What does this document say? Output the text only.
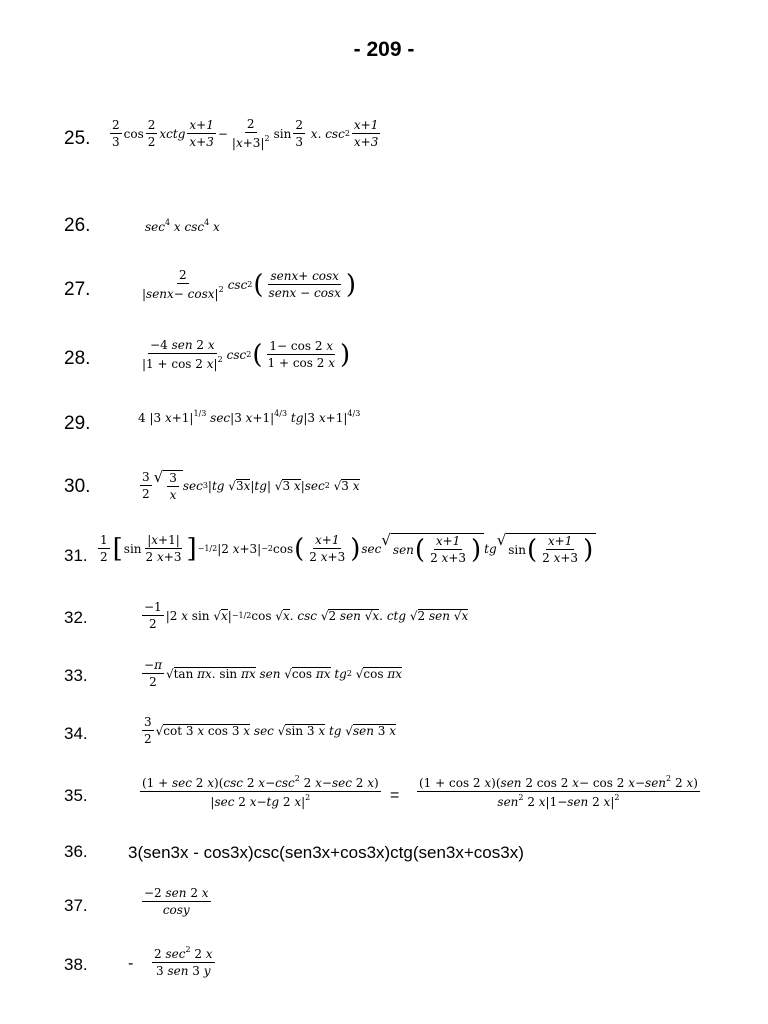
- 209 -
25.
26.
27.
28.
29.
30.
31.
32.
33.
34.
35.
36.
37.
38.
$\frac{2}{3}$ $\cos \frac{2}{2}$ xctg $\frac{x+1}{x+3} - \frac{2}{|x+3|^2}$ $\sin \frac{2}{3}$
x . $\csc 2 \frac{x+1}{x+3}$
$\sec^4 x$ $\csc^4 x$
$\frac{2}{|senx- \cos x|^2}$ csc 2 ( $\frac{\text{senx+ cosx}}{\text{senx − cosx}}$ )
$\frac{\text{−4 sen 2 x}}{|1 + \cos 2 x|^2}$ csc 2 ( $\frac{1- \cos 2 x}{1 + \cos 2 x}$ )
4 |3 $x+1|^{1/3}$ sec|3 $x+1|^{4/3}$ tg|3 $x+1|^{4/3}$
$\frac{3}{2}$ √ $\frac{3}{x}$ sec 3 | tg √ 3x | tg | √ 3 x | sec 2 √ 3 x
$\frac{1}{2}$ [ $\sin \frac{|x+1|}{2 x+3}$ ] −1/2 |2 x +3| −2 cos ( $\frac{x+1}{2 x+3}$ ) sec √
sen ( $\frac{x+1}{2 x+3}$ ) tg √
sin ( $\frac{x+1}{2 x+3}$ )
$\frac{-1}{2} |2$ x sin √ x | −1/2 cos √ x . csc √ 2 sen √x . ctg √ 2 sen √x
$\frac{-\pi}{2}$ √ tan πx. sin πx
sen √ cos πx
tg 2 √ cos πx
$\frac{3}{2}$ √ cot 3 x cos 3 x
sec √ sin 3 x
tg √ sen 3 x
$\frac{(1 + \sec 2 x)(\csc 2 x-\csc^2 2 x-\sec 2 x)}{|\sec 2 x-tg 2 x|^2} = \frac{(1 + \cos 2 x)(sen 2 \cos 2 x- \cos 2 x-sen^2 2 x)}{sen^2 2 x|1-sen 2 x|^2}$
3(sen3x - cos3x)csc(sen3x+cos3x)ctg(sen3x+cos3x)
$\frac{\text{−2 sen 2 x}}{\cos y}$
- $\frac{2 \sec^2 2 x}{\text{3 sen 3 y}}$
